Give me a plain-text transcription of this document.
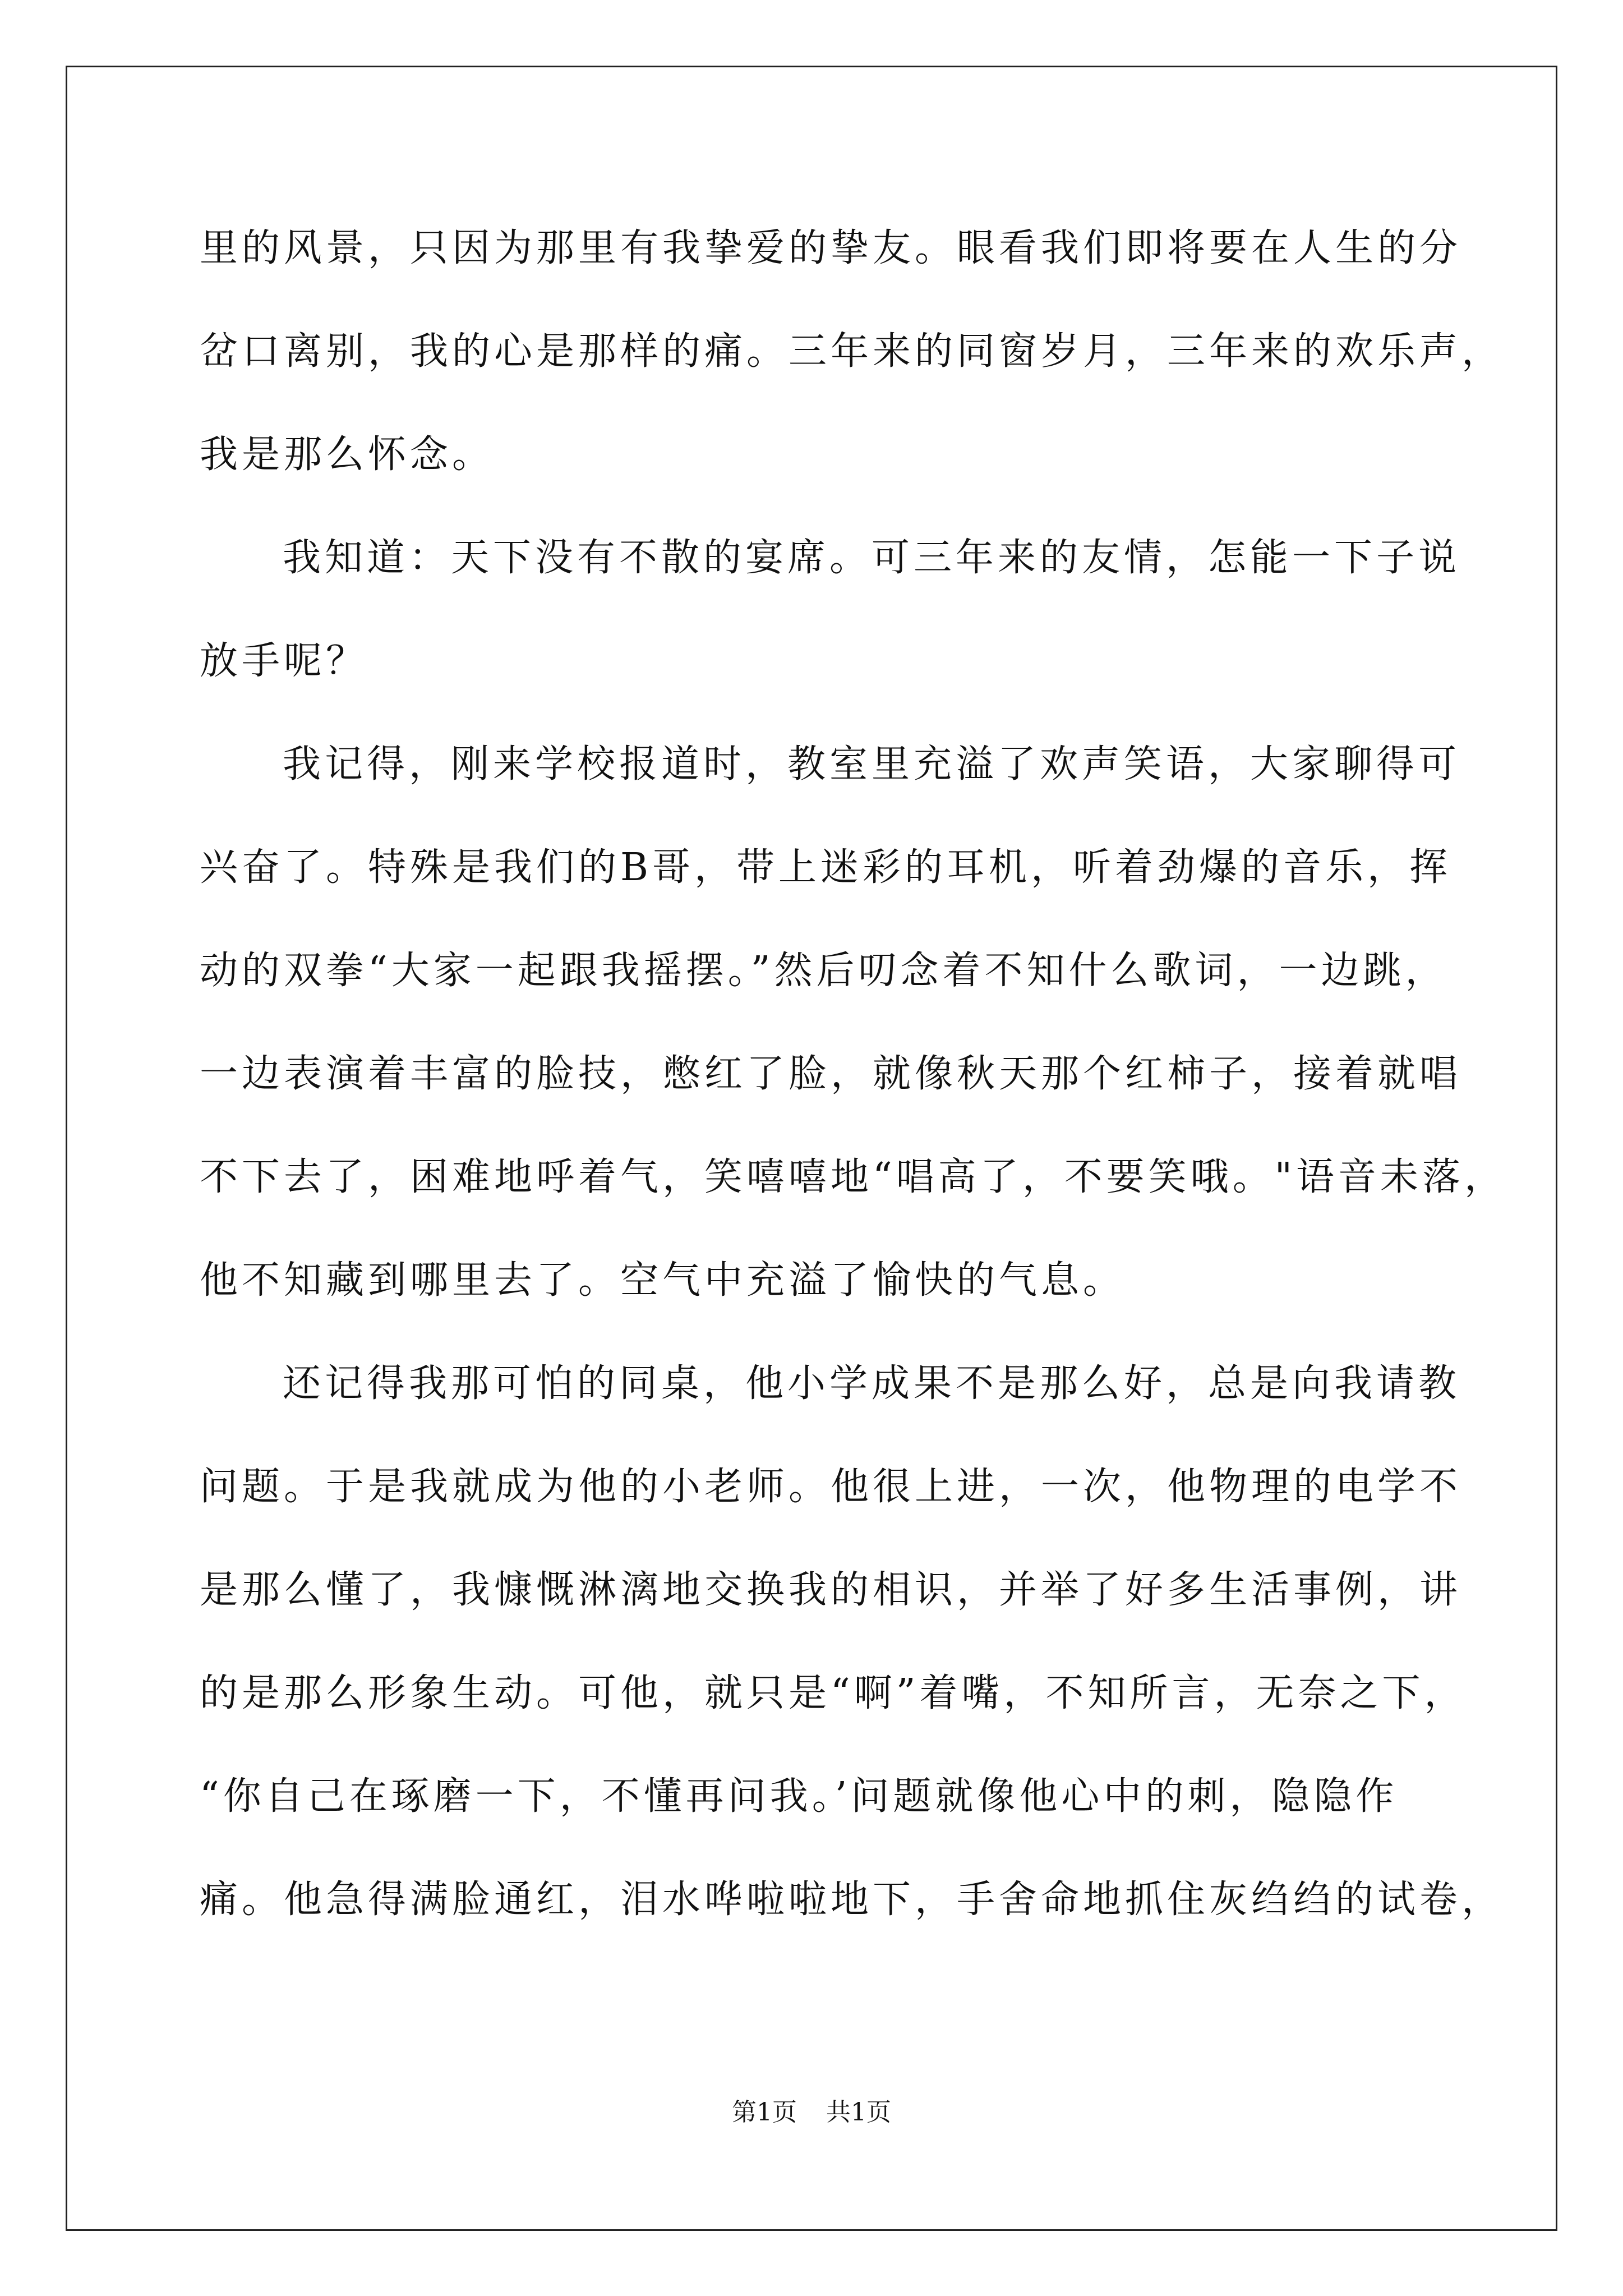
里的风景，只因为那里有我挚爱的挚友。眼看我们即将要在人生的分
岔口离别，我的心是那样的痛。三年来的同窗岁月，三年来的欢乐声，
我是那么怀念。
我知道：天下没有不散的宴席。可三年来的友情，怎能一下子说
放手呢？
我记得，刚来学校报道时，教室里充溢了欢声笑语，大家聊得可
兴奋了。特殊是我们的B哥，带上迷彩的耳机，听着劲爆的音乐，挥
动的双拳“大家一起跟我摇摆。”然后叨念着不知什么歌词，一边跳，
一边表演着丰富的脸技，憋红了脸，就像秋天那个红柿子，接着就唱
不下去了，困难地呼着气，笑嘻嘻地“唱高了，不要笑哦。"语音未落，
他不知藏到哪里去了。空气中充溢了愉快的气息。
还记得我那可怕的同桌，他小学成果不是那么好，总是向我请教
问题。于是我就成为他的小老师。他很上进，一次，他物理的电学不
是那么懂了，我慷慨淋漓地交换我的相识，并举了好多生活事例，讲
的是那么形象生动。可他，就只是“啊”着嘴，不知所言，无奈之下，
“你自己在琢磨一下，不懂再问我。’问题就像他心中的刺，隐隐作
痛。他急得满脸通红，泪水哗啦啦地下，手舍命地抓住灰绉绉的试卷，
第1页 共1页
